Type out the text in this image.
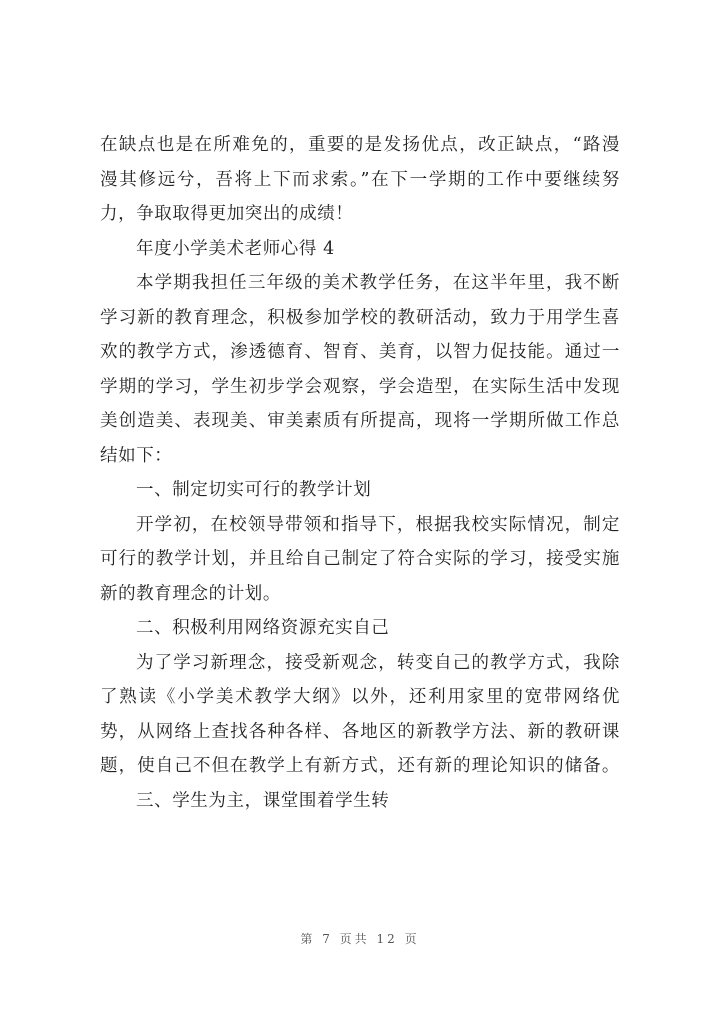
在缺点也是在所难免的，重要的是发扬优点，改正缺点，“路漫
漫其修远兮，吾将上下而求索。”在下一学期的工作中要继续努
力，争取取得更加突出的成绩！
年度小学美术老师心得 4
本学期我担任三年级的美术教学任务，在这半年里，我不断
学习新的教育理念，积极参加学校的教研活动，致力于用学生喜
欢的教学方式，渗透德育、智育、美育，以智力促技能。通过一
学期的学习，学生初步学会观察，学会造型，在实际生活中发现
美创造美、表现美、审美素质有所提高，现将一学期所做工作总
结如下：
一、制定切实可行的教学计划
开学初，在校领导带领和指导下，根据我校实际情况，制定
可行的教学计划，并且给自己制定了符合实际的学习，接受实施
新的教育理念的计划。
二、积极利用网络资源充实自己
为了学习新理念，接受新观念，转变自己的教学方式，我除
了熟读《小学美术教学大纲》以外，还利用家里的宽带网络优
势，从网络上查找各种各样、各地区的新教学方法、新的教研课
题，使自己不但在教学上有新方式，还有新的理论知识的储备。
三、学生为主，课堂围着学生转
第 7 页共 12 页
